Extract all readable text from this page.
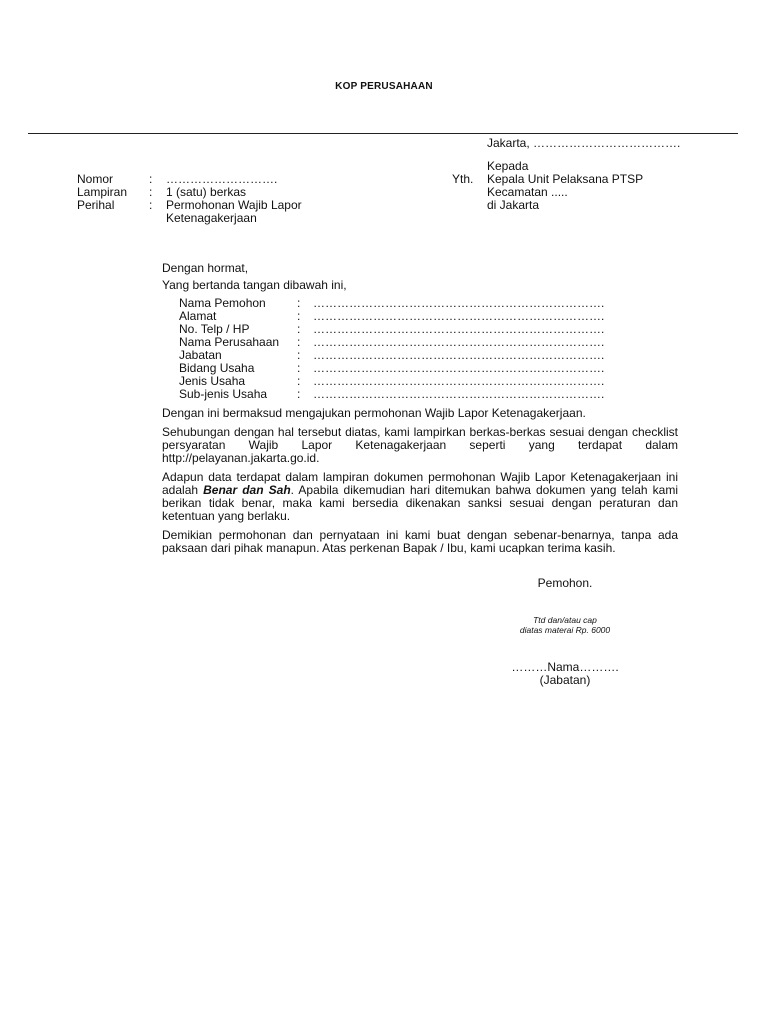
KOP PERUSAHAAN
Jakarta, ……………………………….
Yth.
Kepada
Kepala Unit Pelaksana PTSP
Kecamatan .....
di Jakarta
Nomor	:	……………………….
Lampiran	:	1 (satu) berkas
Perihal	:	Permohonan Wajib Lapor Ketenagakerjaan

Dengan hormat,

Yang bertanda tangan dibawah ini,

Nama Pemohon	:	……………………………………………………………….
Alamat	:	……………………………………………………………….
No. Telp / HP	:	……………………………………………………………….
Nama Perusahaan	:	……………………………………………………………….
Jabatan	:	……………………………………………………………….
Bidang Usaha	:	……………………………………………………………….
Jenis Usaha	:	……………………………………………………………….
Sub-jenis Usaha	:	……………………………………………………………….

Dengan ini bermaksud mengajukan permohonan Wajib Lapor Ketenagakerjaan.

Sehubungan dengan hal tersebut diatas, kami lampirkan berkas-berkas sesuai dengan checklist persyaratan Wajib Lapor Ketenagakerjaan seperti yang terdapat dalam http://pelayanan.jakarta.go.id.

Adapun data terdapat dalam lampiran dokumen permohonan Wajib Lapor Ketenagakerjaan ini adalah Benar dan Sah. Apabila dikemudian hari ditemukan bahwa dokumen yang telah kami berikan tidak benar, maka kami bersedia dikenakan sanksi sesuai dengan peraturan dan ketentuan yang berlaku.

Demikian permohonan dan pernyataan ini kami buat dengan sebenar-benarnya, tanpa ada paksaan dari pihak manapun. Atas perkenan Bapak / Ibu, kami ucapkan terima kasih.

Pemohon.
Ttd dan/atau cap
diatas materai Rp. 6000
………Nama……….
(Jabatan)
